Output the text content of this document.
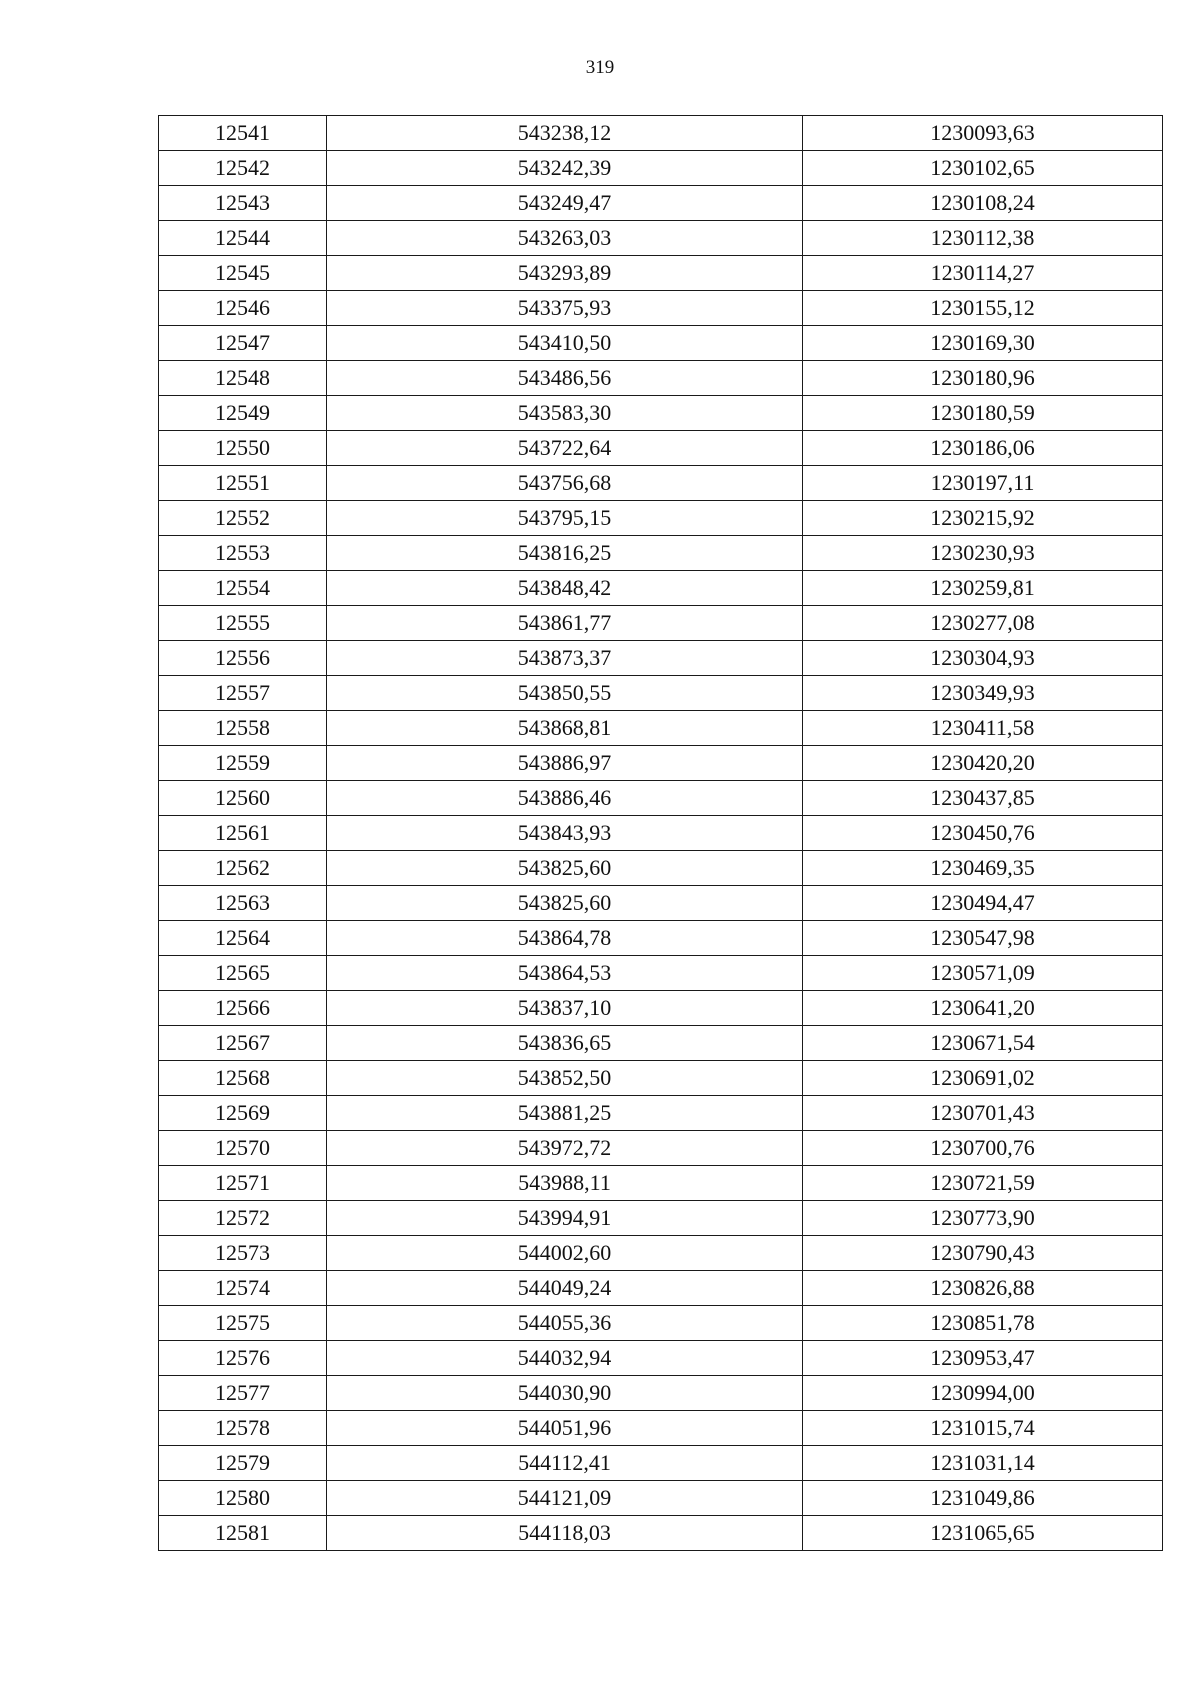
319
12541	543238,12	1230093,63
12542	543242,39	1230102,65
12543	543249,47	1230108,24
12544	543263,03	1230112,38
12545	543293,89	1230114,27
12546	543375,93	1230155,12
12547	543410,50	1230169,30
12548	543486,56	1230180,96
12549	543583,30	1230180,59
12550	543722,64	1230186,06
12551	543756,68	1230197,11
12552	543795,15	1230215,92
12553	543816,25	1230230,93
12554	543848,42	1230259,81
12555	543861,77	1230277,08
12556	543873,37	1230304,93
12557	543850,55	1230349,93
12558	543868,81	1230411,58
12559	543886,97	1230420,20
12560	543886,46	1230437,85
12561	543843,93	1230450,76
12562	543825,60	1230469,35
12563	543825,60	1230494,47
12564	543864,78	1230547,98
12565	543864,53	1230571,09
12566	543837,10	1230641,20
12567	543836,65	1230671,54
12568	543852,50	1230691,02
12569	543881,25	1230701,43
12570	543972,72	1230700,76
12571	543988,11	1230721,59
12572	543994,91	1230773,90
12573	544002,60	1230790,43
12574	544049,24	1230826,88
12575	544055,36	1230851,78
12576	544032,94	1230953,47
12577	544030,90	1230994,00
12578	544051,96	1231015,74
12579	544112,41	1231031,14
12580	544121,09	1231049,86
12581	544118,03	1231065,65
